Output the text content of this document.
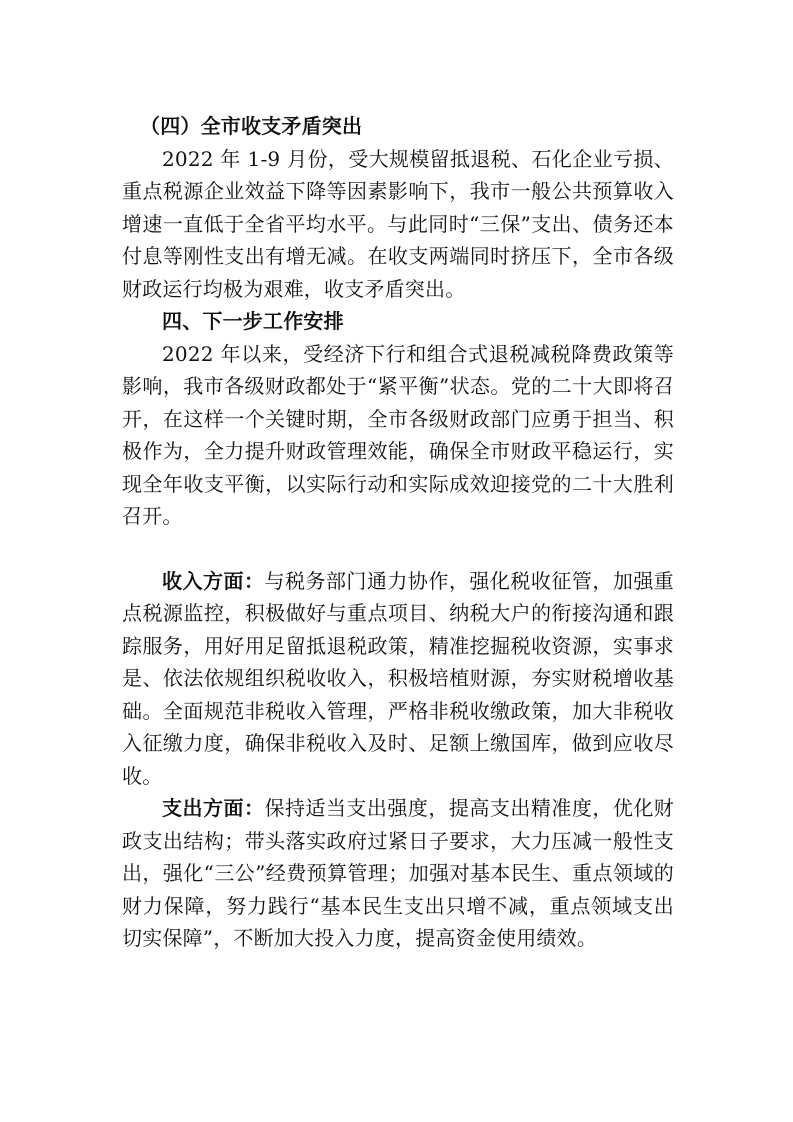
（四）全市收支矛盾突出

2022 年 1-9 月份，受大规模留抵退税、石化企业亏损、重点税源企业效益下降等因素影响下，我市一般公共预算收入增速一直低于全省平均水平。与此同时“三保”支出、债务还本付息等刚性支出有增无减。在收支两端同时挤压下，全市各级财政运行均极为艰难，收支矛盾突出。

四、下一步工作安排

2022 年以来，受经济下行和组合式退税减税降费政策等影响，我市各级财政都处于“紧平衡”状态。党的二十大即将召开，在这样一个关键时期，全市各级财政部门应勇于担当、积极作为，全力提升财政管理效能，确保全市财政平稳运行，实现全年收支平衡，以实际行动和实际成效迎接党的二十大胜利召开。

收入方面：与税务部门通力协作，强化税收征管，加强重点税源监控，积极做好与重点项目、纳税大户的衔接沟通和跟踪服务，用好用足留抵退税政策，精准挖掘税收资源，实事求是、依法依规组织税收收入，积极培植财源，夯实财税增收基础。全面规范非税收入管理，严格非税收缴政策，加大非税收入征缴力度，确保非税收入及时、足额上缴国库，做到应收尽收。

支出方面：保持适当支出强度，提高支出精准度，优化财政支出结构；带头落实政府过紧日子要求，大力压减一般性支出，强化“三公”经费预算管理；加强对基本民生、重点领域的财力保障，努力践行“基本民生支出只增不减，重点领域支出切实保障”，不断加大投入力度，提高资金使用绩效。
